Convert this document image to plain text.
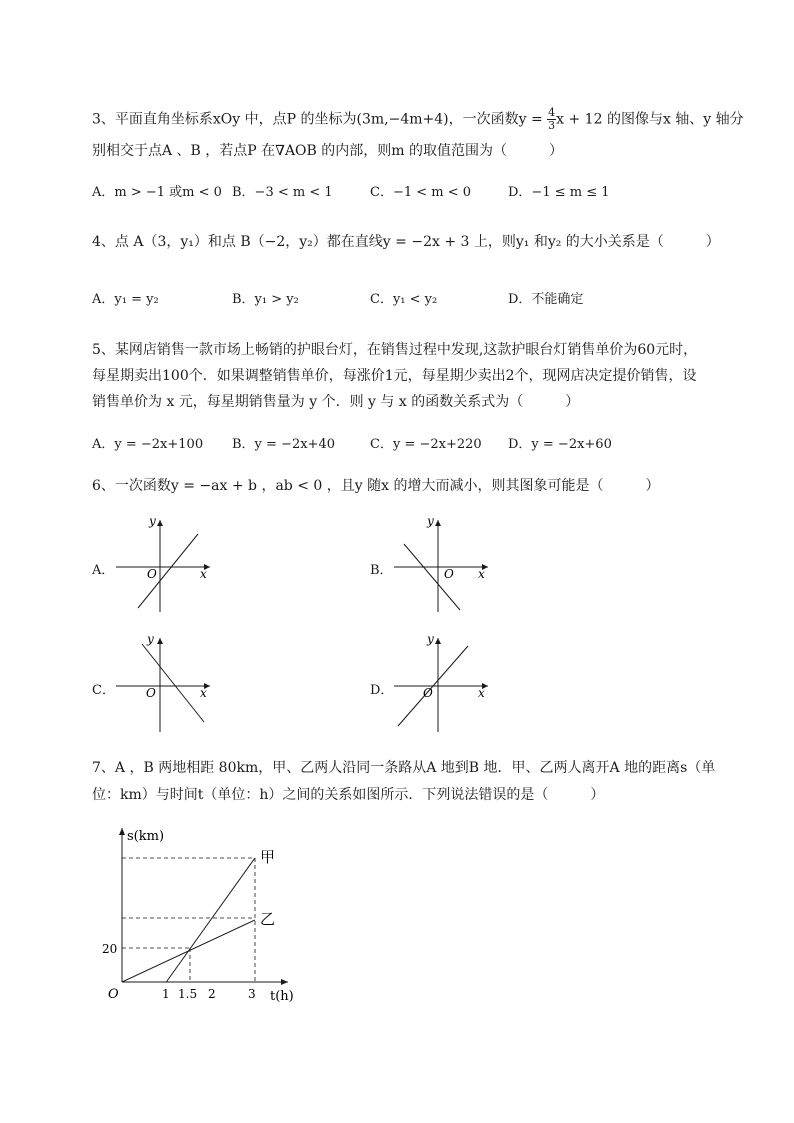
3、平面直角坐标系xOy 中，点P 的坐标为(3m,−4m+4)，一次函数$y = \frac{4}{3}$ x + 12 的图像与x 轴、y 轴分
别相交于点A 、B ，若点P 在∇AOB 的内部，则m 的取值范围为（　　　）
A．m > −1 或m < 0 B．−3 < m < 1	C．−1 < m < 0	D．−1 ≤ m ≤ 1
4、点 A（3，y₁）和点 B（−2，y₂）都在直线y = −2x + 3 上，则y₁ 和y₂ 的大小关系是（　　　）
A．y₁ = y₂	B．y₁ > y₂	C．y₁ < y₂	D．不能确定
5、某网店销售一款市场上畅销的护眼台灯，在销售过程中发现,这款护眼台灯销售单价为60元时，
每星期卖出100个．如果调整销售单价，每涨价1元，每星期少卖出2个，现网店决定提价销售，设
销售单价为 x 元，每星期销售量为 y 个．则 y 与 x 的函数关系式为（　　　）
A．y = −2x+100 B．y = −2x+40	C．y = −2x+220 D．y = −2x+60
6、一次函数y = −ax + b ，ab < 0 ，且y 随x 的增大而减小，则其图象可能是（　　　）
A．
y
x
O	B．
y
x
O
C．
y
x
O	D．
y
x
O
7、A ，B 两地相距 80km，甲、乙两人沿同一条路从A 地到B 地．甲、乙两人离开A 地的距离s（单
位：km）与时间t（单位：h）之间的关系如图所示．下列说法错误的是（　　　）
s(km)
t(h)
O
20
1 1.5 2	3
甲
乙
